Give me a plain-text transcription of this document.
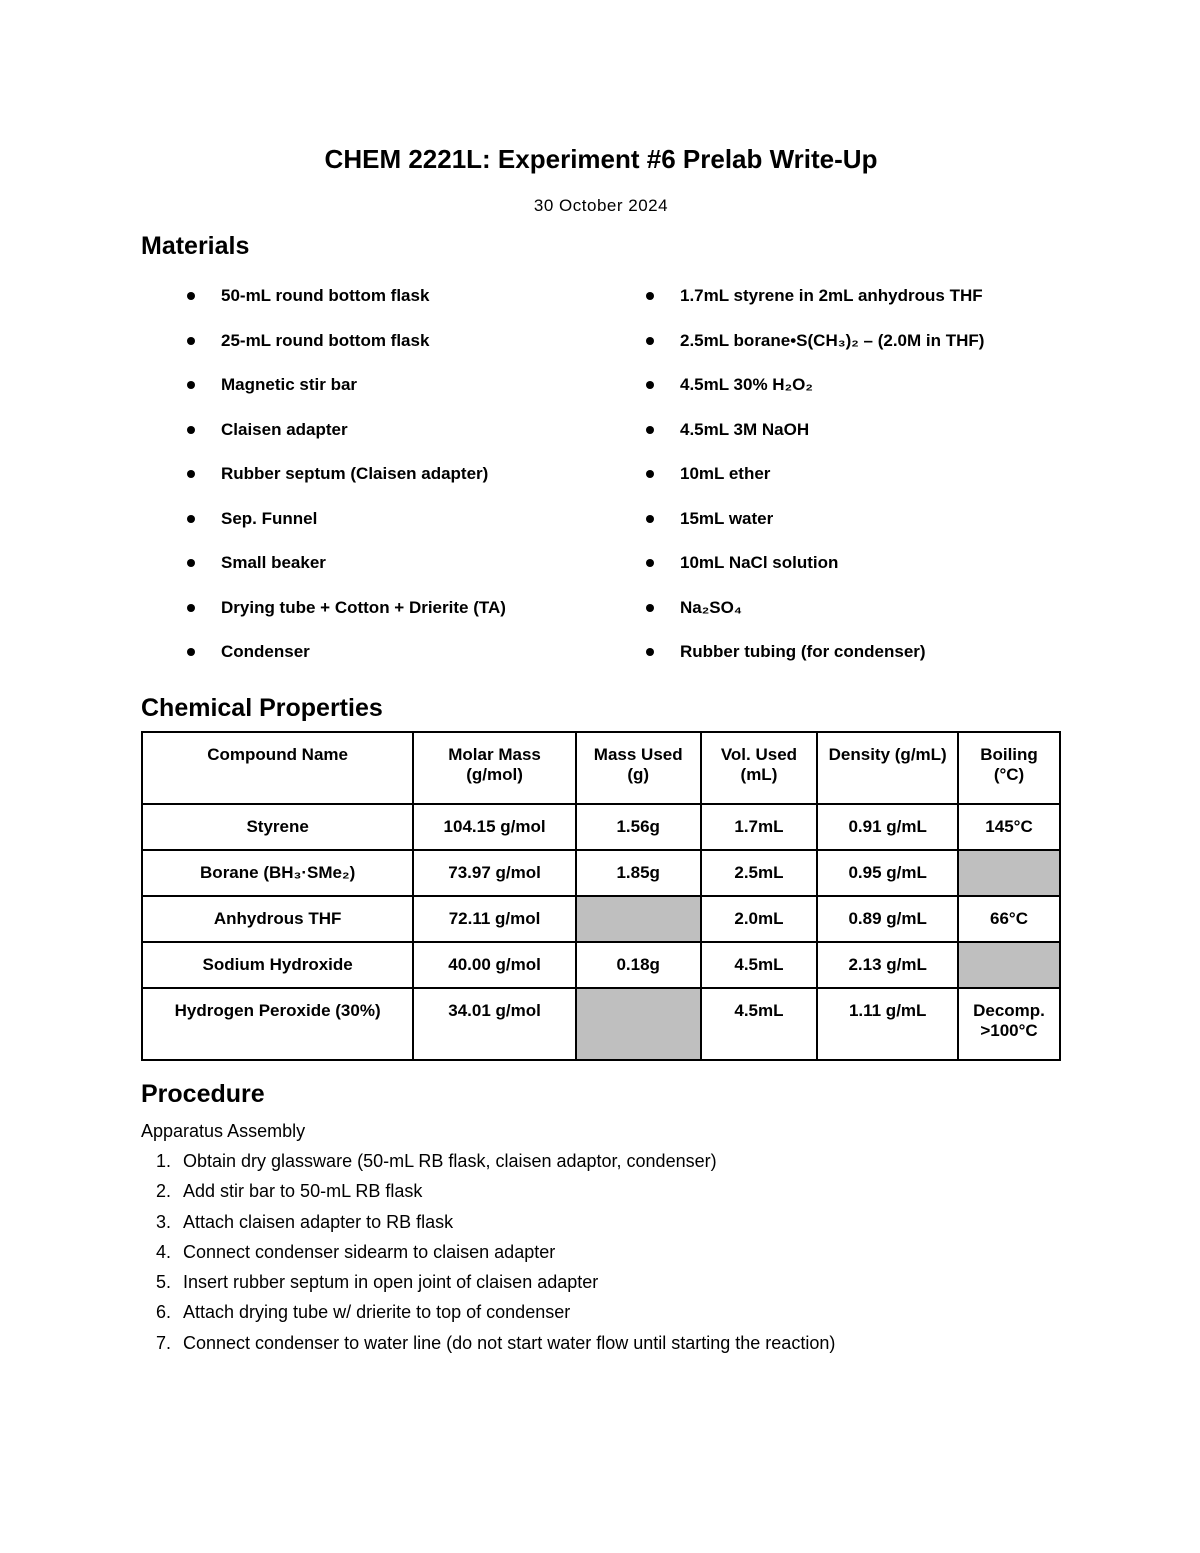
CHEM 2221L: Experiment #6 Prelab Write-Up
30 October 2024
Materials
50-mL round bottom flask
25-mL round bottom flask
Magnetic stir bar
Claisen adapter
Rubber septum (Claisen adapter)
Sep. Funnel
Small beaker
Drying tube + Cotton + Drierite (TA)
Condenser
1.7mL styrene in 2mL anhydrous THF
2.5mL borane•S(CH₃)₂ – (2.0M in THF)
4.5mL 30% H₂O₂
4.5mL 3M NaOH
10mL ether
15mL water
10mL NaCl solution
Na₂SO₄
Rubber tubing (for condenser)
Chemical Properties
Compound Name	Molar Mass (g/mol)	Mass Used (g)	Vol. Used (mL)	Density (g/mL)	Boiling (°C)
Styrene	104.15 g/mol	1.56g	1.7mL	0.91 g/mL	145°C
Borane (BH₃·SMe₂)	73.97 g/mol	1.85g	2.5mL	0.95 g/mL	
Anhydrous THF	72.11 g/mol		2.0mL	0.89 g/mL	66°C
Sodium Hydroxide	40.00 g/mol	0.18g	4.5mL	2.13 g/mL	
Hydrogen Peroxide (30%)	34.01 g/mol		4.5mL	1.11 g/mL	Decomp. >100°C
Procedure
Apparatus Assembly
1. Obtain dry glassware (50-mL RB flask, claisen adaptor, condenser)
2. Add stir bar to 50-mL RB flask
3. Attach claisen adapter to RB flask
4. Connect condenser sidearm to claisen adapter
5. Insert rubber septum in open joint of claisen adapter
6. Attach drying tube w/ drierite to top of condenser
7. Connect condenser to water line (do not start water flow until starting the reaction)
